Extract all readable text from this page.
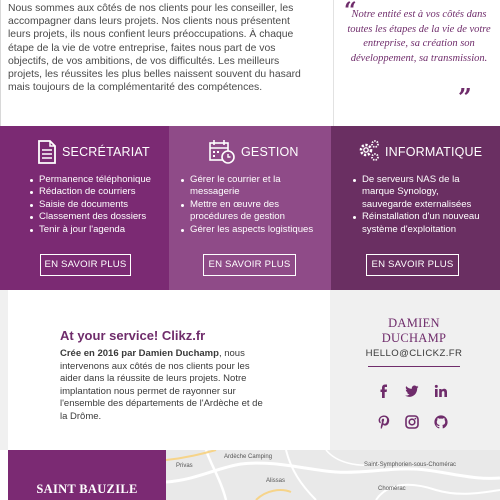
Nous sommes aux côtés de nos clients pour les conseiller, les accompagner dans leurs projets. Nos clients nous présentent leurs projets, ils nous confient leurs préoccupations. À chaque étape de la vie de votre entreprise, faites nous part de vos objectifs, de vos ambitions, de vos difficultés. Les meilleurs projets, les réussites les plus belles naissent souvent du hasard mais toujours de la complémentarité des compétences.

“

Notre entité est à vos côtés dans toutes les étapes de la vie de votre entreprise, sa création son développement, sa transmission.

”
SECRÉTARIAT
Permanence téléphonique
Rédaction de courriers
Saisie de documents
Classement des dossiers
Tenir à jour l'agenda
EN SAVOIR PLUS
GESTION
Gérer le courrier et la messagerie
Mettre en œuvre des procédures de gestion
Gérer les aspects logistiques
EN SAVOIR PLUS
INFORMATIQUE
De serveurs NAS de la marque Synology, sauvegarde externalisées
Réinstallation d'un nouveau système d'exploitation
EN SAVOIR PLUS
At your service! Clikz.fr

Crée en 2016 par Damien Duchamp, nous intervenons aux côtés de nos clients pour les aider dans la réussite de leurs projets. Notre implantation nous permet de rayonner sur l'ensemble des départements de l'Ardèche et de la Drôme.

DAMIEN DUCHAMP
HELLO@CLICKZ.FR
SAINT BAUZILE
Ardèche Camping
Privas	Saint-Symphorien-sous-Chomérac
Alissas
Chomérac
